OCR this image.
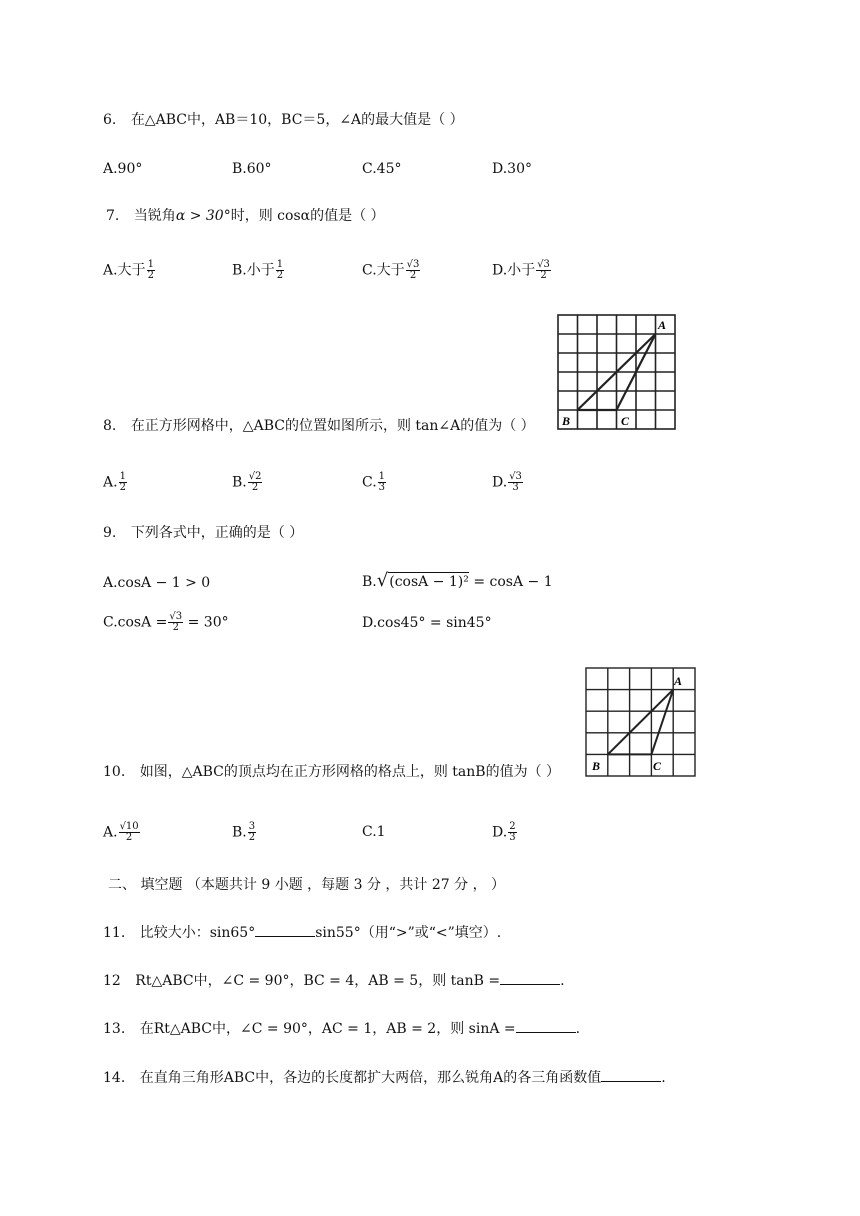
6. 在△ABC中，AB＝10，BC＝5，∠A的最大值是（ ）
A.90°	B.60°	C.45°	D.30°
7. 当锐角α > 30°时，则 cosα的值是（ ）
A.大于 $\frac{1}{2}$	B.小于 $\frac{1}{2}$	C.大于 $\frac{√3}{2}$	D.小于 $\frac{√3}{2}$
A
B	C
8. 在正方形网格中，△ABC的位置如图所示，则 tan∠A的值为（ ）
A. $\frac{1}{2}$	B. $\frac{√2}{2}$	C. $\frac{1}{3}$	D. $\frac{√3}{3}$
9. 下列各式中，正确的是（ ）
A.cosA − 1 > 0	B.√(cosA − 1)² = cosA − 1
$C.\cos A = \frac{√3}{2} = 30^\circ$	D.cos45° = sin45°
A
B	C
10. 如图，△ABC的顶点均在正方形网格的格点上，则 tanB的值为（ ）
A. $\frac{√10}{2}$	B. $\frac{3}{2}$	C.1	D. $\frac{2}{3}$
二、 填空题 （本题共计 9 小题 ，每题 3 分 ，共计 27 分 ， ）
11. 比较大小：sin65°	sin55°（用“>”或“<”填空）.
12 Rt△ABC中，∠C = 90°，BC = 4，AB = 5，则 tanB =	.
13. 在Rt△ABC中，∠C = 90°，AC = 1，AB = 2，则 sinA =	.
14. 在直角三角形ABC中，各边的长度都扩大两倍，那么锐角A的各三角函数值	.
